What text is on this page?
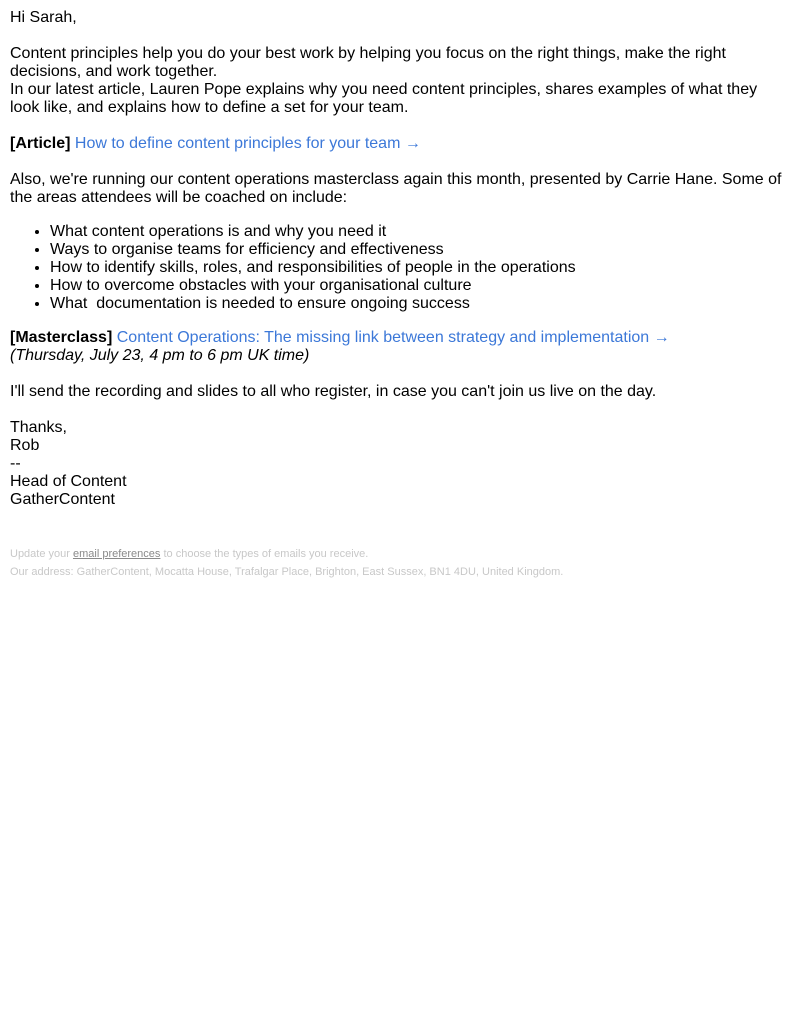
Hi Sarah,

Content principles help you do your best work by helping you focus on the right things, make the right decisions, and work together.

In our latest article, Lauren Pope explains why you need content principles, shares examples of what they look like, and explains how to define a set for your team.

[Article] How to define content principles for your team →

Also, we're running our content operations masterclass again this month, presented by Carrie Hane. Some of the areas attendees will be coached on include:

• What content operations is and why you need it
• Ways to organise teams for efficiency and effectiveness
• How to identify skills, roles, and responsibilities of people in the operations
• How to overcome obstacles with your organisational culture
• What  documentation is needed to ensure ongoing success

[Masterclass] Content Operations: The missing link between strategy and implementation →

(Thursday, July 23, 4 pm to 6 pm UK time)

I'll send the recording and slides to all who register, in case you can't join us live on the day.

Thanks,

Rob

--

Head of Content

GatherContent

Update your email preferences to choose the types of emails you receive.

Our address: GatherContent, Mocatta House, Trafalgar Place, Brighton, East Sussex, BN1 4DU, United Kingdom.
